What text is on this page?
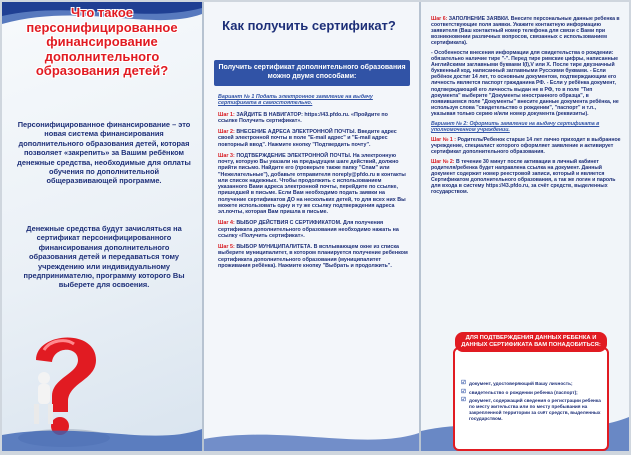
Что такое персонифицированное финансирование дополнительного образования детей?

Персонифицированное финансирование – это новая система финансирования дополнительного образования детей, которая позволяет «закрепить» за Вашим ребёнком денежные средства, необходимые для оплаты обучения по дополнительной общеразвивающей программе.

Денежные средства будут зачисляться на сертификат персонифицированного финансирования дополнительного образования детей и передаваться тому учреждению или индивидуальному предпринимателю, программу которого Вы выберете для освоения.

Как получить сертификат?
Получить сертификат дополнительного образования можно двумя способами:

Вариант № 1 Подать электронное заявление на выдачу сертификата в самостоятельно.

Шаг 1: ЗАЙДИТЕ В НАВИГАТОР: https://43.pfdo.ru. «Пройдите по ссылке Получить сертификат».

Шаг 2: ВНЕСЕНИЕ АДРЕСА ЭЛЕКТРОННОЙ ПОЧТЫ. Введите адрес своей электронной почты в поле "E-mail адрес" и "E-mail адрес повторный ввод". Нажмите кнопку "Подтвердить почту".

Шаг 3: ПОДТВЕРЖДЕНИЕ ЭЛЕКТРОННОЙ ПОЧТЫ. На электронную почту, которую Вы указали на предыдущем шаге действий, должно прийти письмо. Найдите его (проверьте также папку "Спам" или "Нежелательные"), добавьте отправителя noreply@pfdo.ru в контакты или список надежных. Чтобы продолжить с использованием указанного Вами адреса электронной почты, перейдите по ссылке, пришедшей в письме. Если Вам необходимо подать заявки на получение сертификатов ДО на нескольких детей, то для всех них Вы можете использовать одну и ту же ссылку подтверждения адреса эл.почты, которая Вам пришла в письме.

Шаг 4: ВЫБОР ДЕЙСТВИЯ С СЕРТИФИКАТОМ. Для получения сертификата дополнительного образования необходимо нажать на ссылку «Получить сертификат».

Шаг 5: ВЫБОР МУНИЦИПАЛИТЕТА. В всплывающем окне из списка выберите муниципалитет, в котором планируется получение ребенком сертификата дополнительного образования (муниципалитет проживания ребёнка). Нажмите кнопку "Выбрать и продолжить".

Шаг 6: ЗАПОЛНЕНИЕ ЗАЯВКИ. Внесите персональные данные ребенка в соответствующие поля заявки. Укажите контактную информацию заявителя (Ваш контактный номер телефона для связи с Вами при возникновении различных вопросов, связанных с использованием сертификата).

- Особенности внесения информации для свидетельства о рождении: обязательно наличие тире "-". Перед тире римские цифры, написанные Английскими заглавными буквами I(I),V или X. После тире двузначный буквенный код, написанный заглавными Русскими буквами. - Если ребёнок достиг 14 лет, то основным документом, подтверждающим его личность является паспорт гражданина РФ. - Если у ребёнка документ, подтверждающий его личность выдан не в РФ, то в поле "Тип документа" выберите "Документы иностранного образца", в появившемся поле "Документы" внесите данные документа ребёнка, не используя слова "свидетельство о рождении", "паспорт" и т.п., указывая только серию и/или номер документа (реквизиты).

Вариант № 2: Оформить заявление на выдачу сертификата в уполномоченном учреждении.

Шаг № 1 : Родитель/Ребенок старше 14 лет лично приходит в выбранное учреждение, специалист которого оформляет заявление и активирует сертификат дополнительного образования.

Шаг № 2: В течение 30 минут после активации в личный кабинет родителя/ребенка будет направлена ссылка на документ. Данный документ содержит номер реестровой записи, который и является Сертификатом дополнительного образования, а так же логин и пароль для входа в систему https://43.pfdo.ru, за счёт средств, выделенных государством.

ДЛЯ ПОДТВЕРЖДЕНИЯ ДАННЫХ РЕБЕНКА И ДАННЫХ СЕРТИФИКАТА ВАМ ПОНАДОБИТЬСЯ:
☑ документ, удостоверяющий Вашу личность;
☑ свидетельство о рождении ребенка (паспорт);
☑ документ, содержащий сведения о регистрации ребенка по месту жительства или по месту пребывания на закрепленной территории за счёт средств, выделенных государством.
